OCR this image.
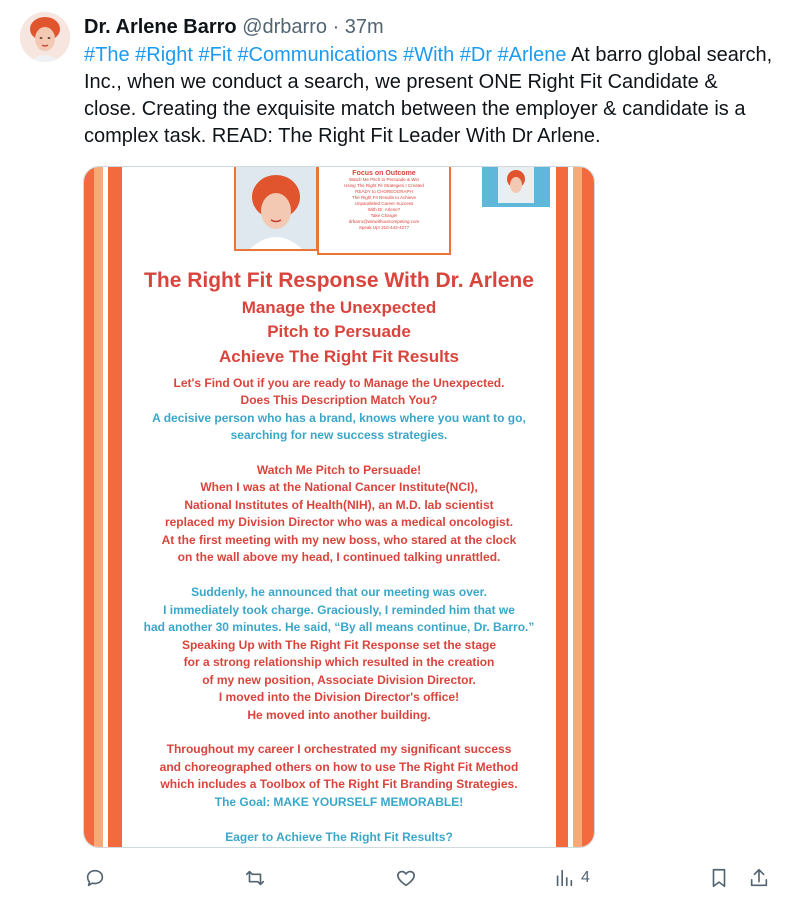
Dr. Arlene Barro @drbarro · 37m
#The #Right #Fit #Communications #With #Dr #Arlene At barro global search, Inc., when we conduct a search, we present ONE Right Fit Candidate & close. Creating the exquisite match between the employer & candidate is a complex task. READ: The Right Fit Leader With Dr Arlene.
Focus on Outcome
Watch Me Pitch to Persuade & Win
Using The Right Fit Strategies I Created
READY to CHOREOGRAPH
The Right Fit Results to Achieve
Unparalleled Career Success
With Dr. Arlene?
Take Charge!
drbarro@winwithoutcompeting.com
Speak Up! 310-443-4277
The Right Fit Response With Dr. Arlene
Manage the Unexpected
Pitch to Persuade
Achieve The Right Fit Results
Let's Find Out if you are ready to Manage the Unexpected.
Does This Description Match You?
A decisive person who has a brand, knows where you want to go,
searching for new success strategies.
Watch Me Pitch to Persuade!
When I was at the National Cancer Institute(NCI),
National Institutes of Health(NIH), an M.D. lab scientist
replaced my Division Director who was a medical oncologist.
At the first meeting with my new boss, who stared at the clock
on the wall above my head, I continued talking unrattled.
Suddenly, he announced that our meeting was over.
I immediately took charge. Graciously, I reminded him that we
had another 30 minutes. He said, “By all means continue, Dr. Barro.”
Speaking Up with The Right Fit Response set the stage
for a strong relationship which resulted in the creation
of my new position, Associate Division Director.
I moved into the Division Director's office!
He moved into another building.
Throughout my career I orchestrated my significant success
and choreographed others on how to use The Right Fit Method
which includes a Toolbox of The Right Fit Branding Strategies.
The Goal: MAKE YOURSELF MEMORABLE!
Eager to Achieve The Right Fit Results?
4
